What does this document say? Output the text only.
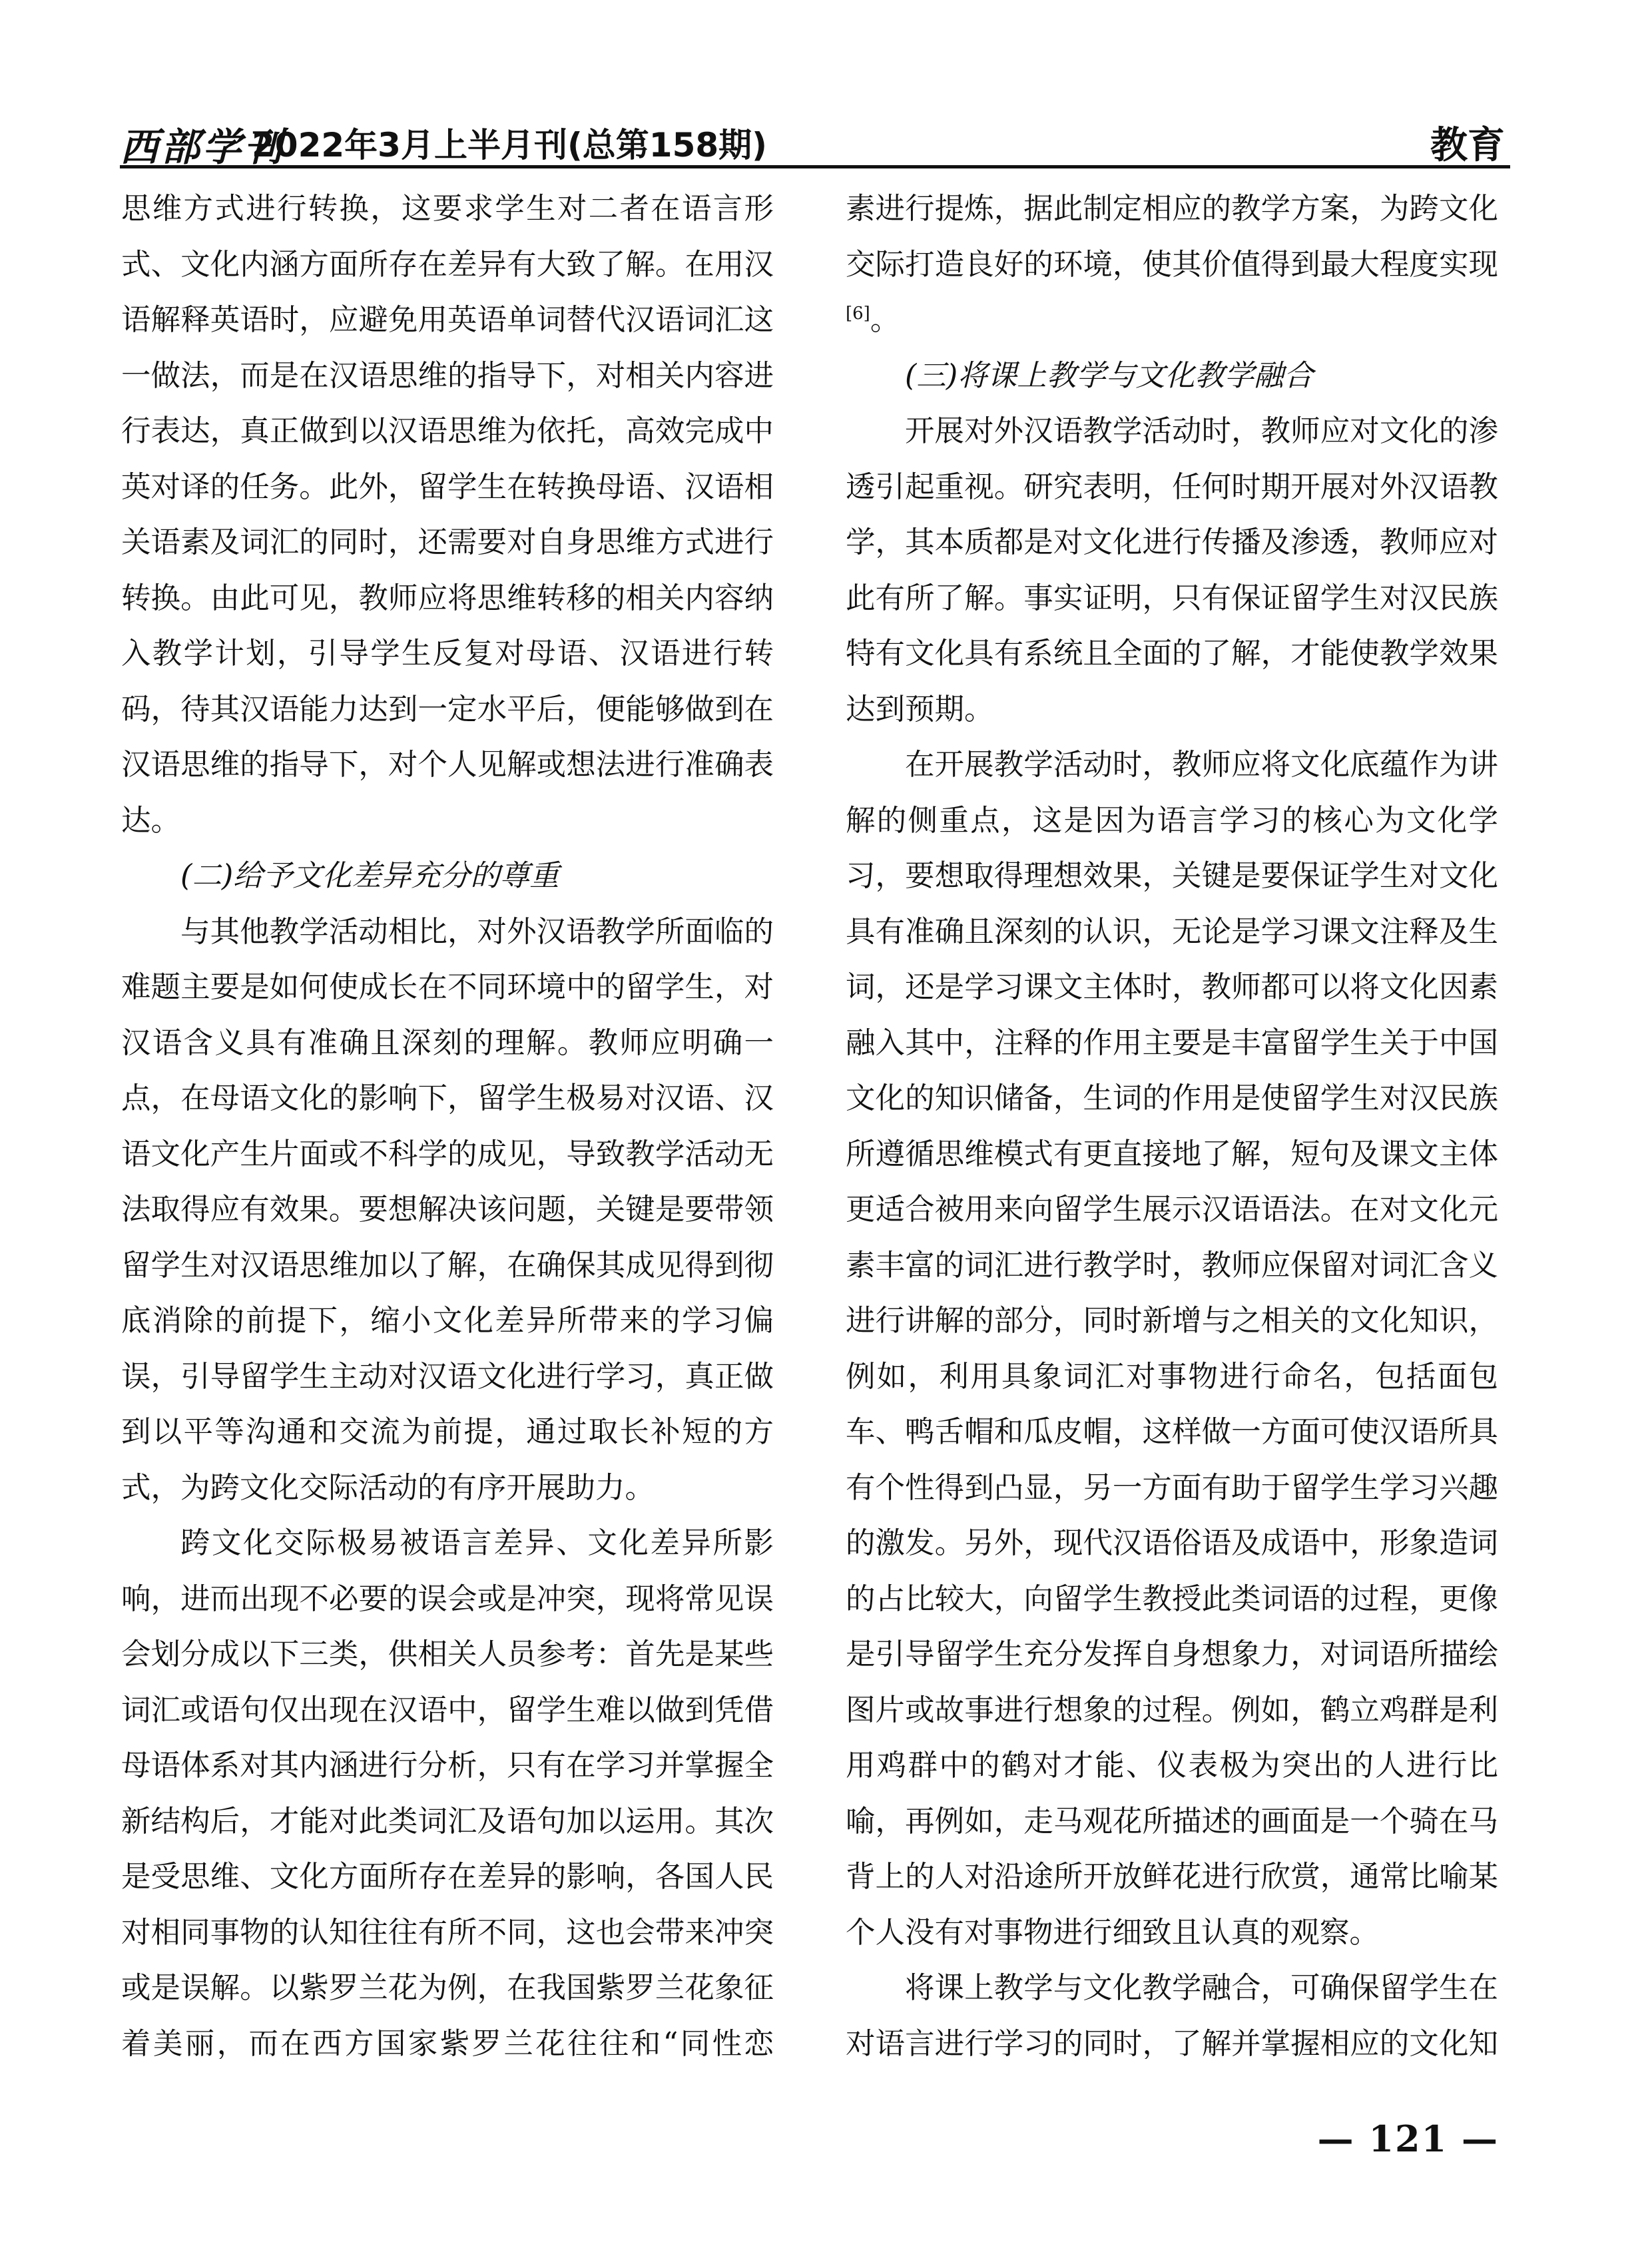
西部学刊
2022年3月上半月刊(总第158期)	教育

思维方式进行转换，这要求学生对二者在语言形式、文化内涵方面所存在差异有大致了解。在用汉语解释英语时，应避免用英语单词替代汉语词汇这一做法，而是在汉语思维的指导下，对相关内容进行表达，真正做到以汉语思维为依托，高效完成中英对译的任务。此外，留学生在转换母语、汉语相关语素及词汇的同时，还需要对自身思维方式进行转换。由此可见，教师应将思维转移的相关内容纳入教学计划，引导学生反复对母语、汉语进行转码，待其汉语能力达到一定水平后，便能够做到在汉语思维的指导下，对个人见解或想法进行准确表达。

(二)给予文化差异充分的尊重

与其他教学活动相比，对外汉语教学所面临的难题主要是如何使成长在不同环境中的留学生，对汉语含义具有准确且深刻的理解。教师应明确一点，在母语文化的影响下，留学生极易对汉语、汉语文化产生片面或不科学的成见，导致教学活动无法取得应有效果。要想解决该问题，关键是要带领留学生对汉语思维加以了解，在确保其成见得到彻底消除的前提下，缩小文化差异所带来的学习偏误，引导留学生主动对汉语文化进行学习，真正做到以平等沟通和交流为前提，通过取长补短的方式，为跨文化交际活动的有序开展助力。

跨文化交际极易被语言差异、文化差异所影响，进而出现不必要的误会或是冲突，现将常见误会划分成以下三类，供相关人员参考：首先是某些词汇或语句仅出现在汉语中，留学生难以做到凭借母语体系对其内涵进行分析，只有在学习并掌握全新结构后，才能对此类词汇及语句加以运用。其次是受思维、文化方面所存在差异的影响，各国人民对相同事物的认知往往有所不同，这也会带来冲突或是误解。以紫罗兰花为例，在我国紫罗兰花象征着美丽，而在西方国家紫罗兰花往往和“同性恋

素进行提炼，据此制定相应的教学方案，为跨文化交际打造良好的环境，使其价值得到最大程度实现[6]。

(三)将课上教学与文化教学融合

开展对外汉语教学活动时，教师应对文化的渗透引起重视。研究表明，任何时期开展对外汉语教学，其本质都是对文化进行传播及渗透，教师应对此有所了解。事实证明，只有保证留学生对汉民族特有文化具有系统且全面的了解，才能使教学效果达到预期。

在开展教学活动时，教师应将文化底蕴作为讲解的侧重点，这是因为语言学习的核心为文化学习，要想取得理想效果，关键是要保证学生对文化具有准确且深刻的认识，无论是学习课文注释及生词，还是学习课文主体时，教师都可以将文化因素融入其中，注释的作用主要是丰富留学生关于中国文化的知识储备，生词的作用是使留学生对汉民族所遵循思维模式有更直接地了解，短句及课文主体更适合被用来向留学生展示汉语语法。在对文化元素丰富的词汇进行教学时，教师应保留对词汇含义进行讲解的部分，同时新增与之相关的文化知识，例如，利用具象词汇对事物进行命名，包括面包车、鸭舌帽和瓜皮帽，这样做一方面可使汉语所具有个性得到凸显，另一方面有助于留学生学习兴趣的激发。另外，现代汉语俗语及成语中，形象造词的占比较大，向留学生教授此类词语的过程，更像是引导留学生充分发挥自身想象力，对词语所描绘图片或故事进行想象的过程。例如，鹤立鸡群是利用鸡群中的鹤对才能、仪表极为突出的人进行比喻，再例如，走马观花所描述的画面是一个骑在马背上的人对沿途所开放鲜花进行欣赏，通常比喻某个人没有对事物进行细致且认真的观察。

将课上教学与文化教学融合，可确保留学生在对语言进行学习的同时，了解并掌握相应的文化知

— 121 —
